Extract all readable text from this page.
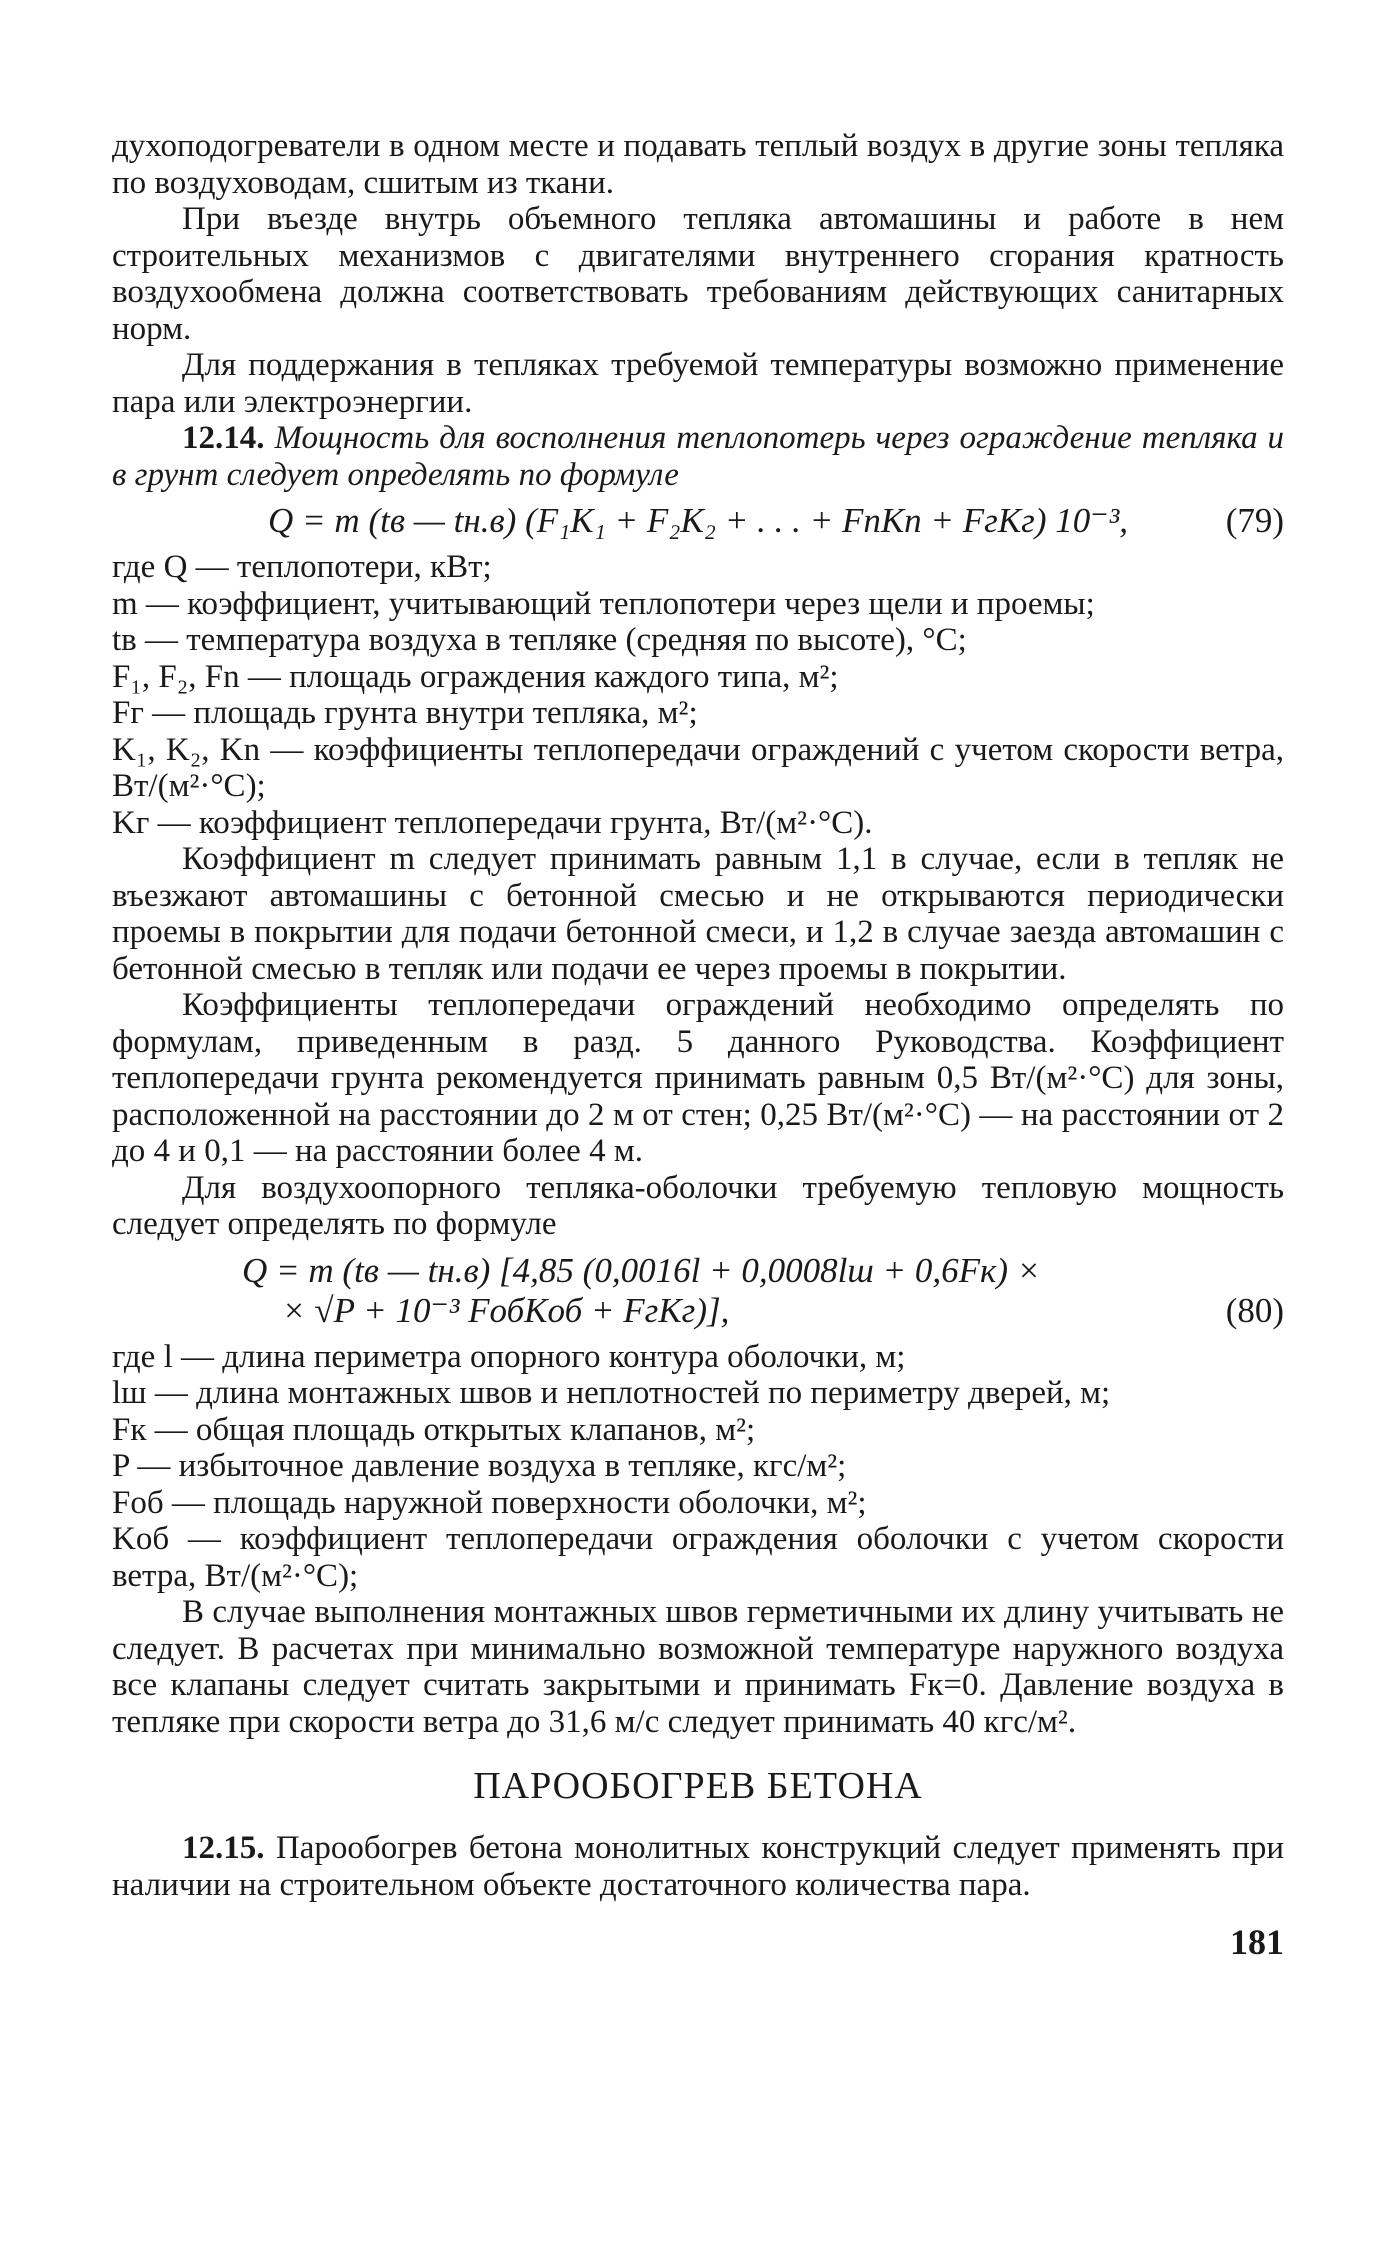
духоподогреватели в одном месте и подавать теплый воздух в другие зоны тепляка по воздуховодам, сшитым из ткани.

При въезде внутрь объемного тепляка автомашины и работе в нем строительных механизмов с двигателями внутреннего сгорания кратность воздухообмена должна соответствовать требованиям действующих санитарных норм.

Для поддержания в тепляках требуемой температуры возможно применение пара или электроэнергии.

12.14. Мощность для восполнения теплопотерь через ограждение тепляка и в грунт следует определять по формуле

Q = m (tв — tн.в) (F₁K₁ + F₂K₂ + . . . + FnKn + FгKг) 10⁻³,	(79)

где Q — теплопотери, кВт;

m — коэффициент, учитывающий теплопотери через щели и проемы;

tв — температура воздуха в тепляке (средняя по высоте), °С;

F₁, F₂, Fn — площадь ограждения каждого типа, м²;

Fг — площадь грунта внутри тепляка, м²;

K₁, K₂, Kn — коэффициенты теплопередачи ограждений с учетом скорости ветра, Вт/(м²·°С);

Kг — коэффициент теплопередачи грунта, Вт/(м²·°С).

Коэффициент m следует принимать равным 1,1 в случае, если в тепляк не въезжают автомашины с бетонной смесью и не открываются периодически проемы в покрытии для подачи бетонной смеси, и 1,2 в случае заезда автомашин с бетонной смесью в тепляк или подачи ее через проемы в покрытии.

Коэффициенты теплопередачи ограждений необходимо определять по формулам, приведенным в разд. 5 данного Руководства. Коэффициент теплопередачи грунта рекомендуется принимать равным 0,5 Вт/(м²·°С) для зоны, расположенной на расстоянии до 2 м от стен; 0,25 Вт/(м²·°С) — на расстоянии от 2 до 4 и 0,1 — на расстоянии более 4 м.

Для воздухоопорного тепляка-оболочки требуемую тепловую мощность следует определять по формуле

Q = m (tв — tн.в) [4,85 (0,0016l + 0,0008lш + 0,6Fк) ×
× √P + 10⁻³ FобKоб + FгKг)],	(80)

где l — длина периметра опорного контура оболочки, м;

lш — длина монтажных швов и неплотностей по периметру дверей, м;

Fк — общая площадь открытых клапанов, м²;

P — избыточное давление воздуха в тепляке, кгс/м²;

Fоб — площадь наружной поверхности оболочки, м²;

Kоб — коэффициент теплопередачи ограждения оболочки с учетом скорости ветра, Вт/(м²·°С);

В случае выполнения монтажных швов герметичными их длину учитывать не следует. В расчетах при минимально возможной температуре наружного воздуха все клапаны следует считать закрытыми и принимать Fк=0. Давление воздуха в тепляке при скорости ветра до 31,6 м/с следует принимать 40 кгс/м².

ПАРООБОГРЕВ БЕТОНА

12.15. Парообогрев бетона монолитных конструкций следует применять при наличии на строительном объекте достаточного количества пара.

181
